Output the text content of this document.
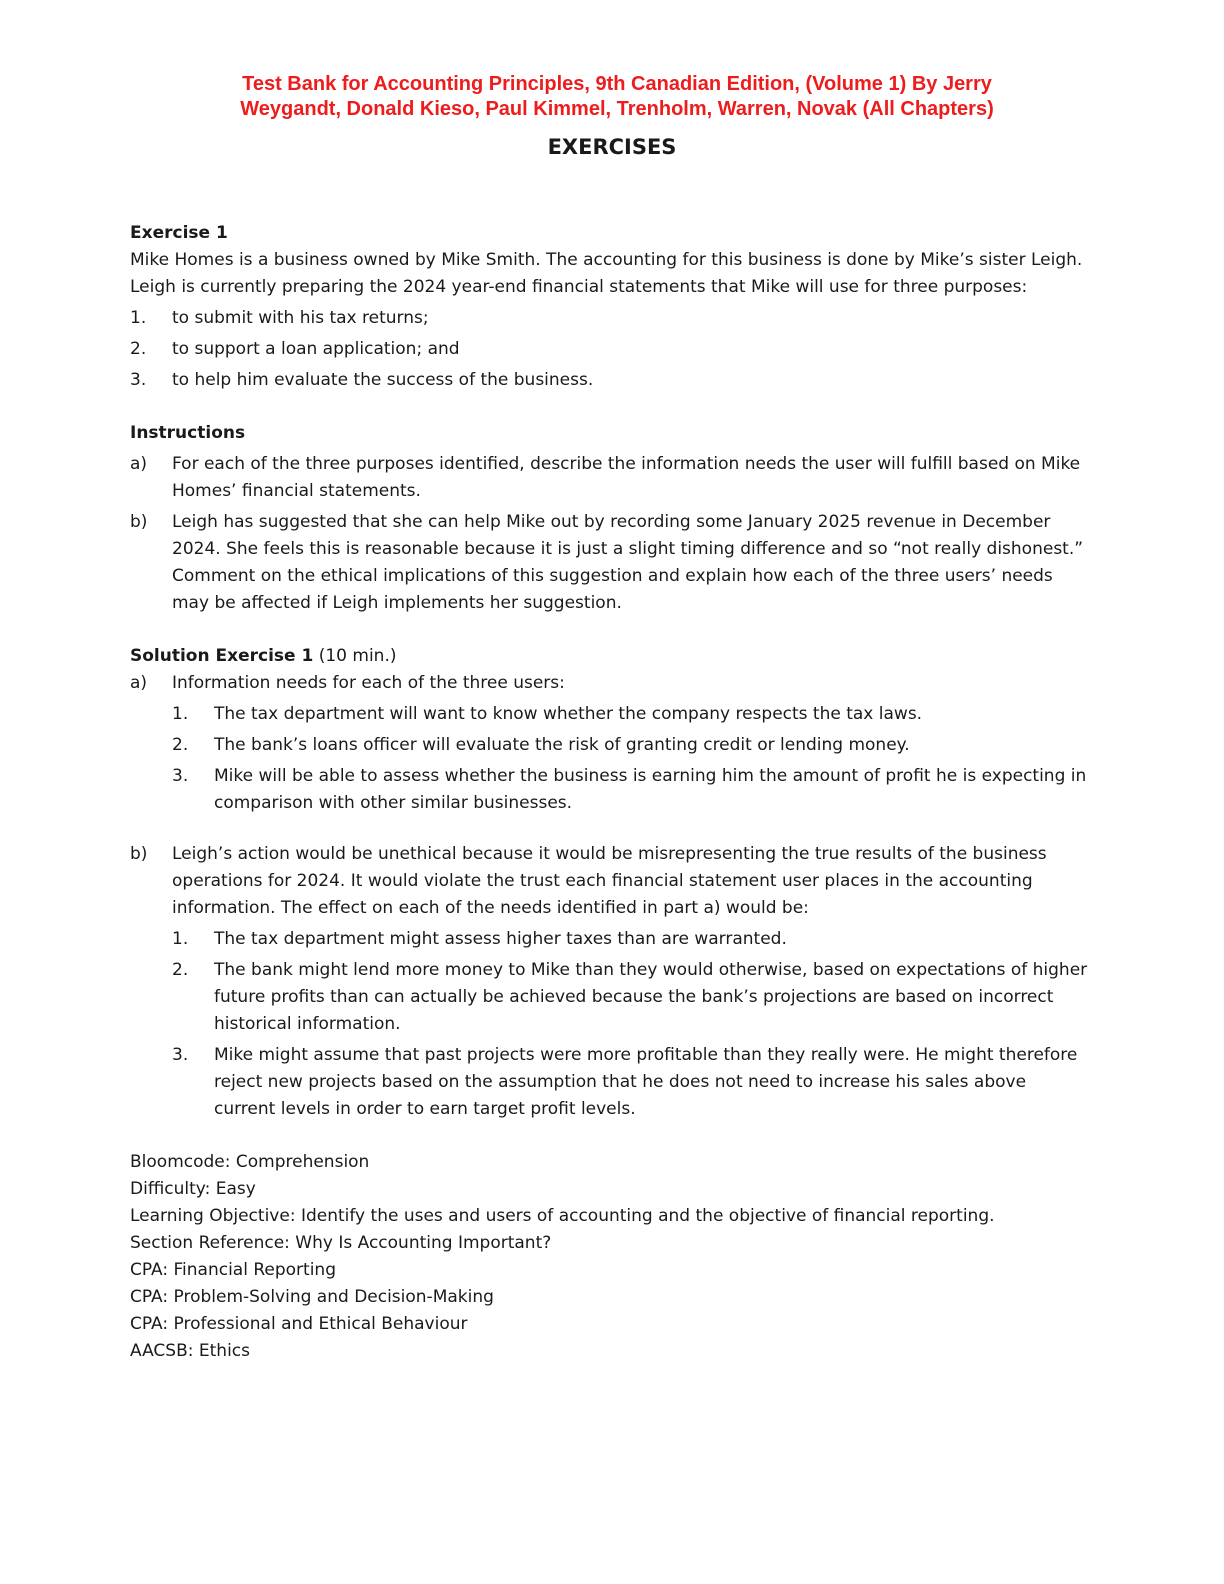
Test Bank for Accounting Principles, 9th Canadian Edition, (Volume 1) By Jerry
Weygandt, Donald Kieso, Paul Kimmel, Trenholm, Warren, Novak (All Chapters)
EXERCISES
Exercise 1

Mike Homes is a business owned by Mike Smith. The accounting for this business is done by Mike’s sister Leigh. Leigh is currently preparing the 2024 year-end financial statements that Mike will use for three purposes:

1.	to submit with his tax returns;
2.	to support a loan application; and
3.	to help him evaluate the success of the business.
Instructions
a)	For each of the three purposes identified, describe the information needs the user will fulfill based on Mike Homes’ financial statements.
b)	Leigh has suggested that she can help Mike out by recording some January 2025 revenue in December 2024. She feels this is reasonable because it is just a slight timing difference and so “not really dishonest.” Comment on the ethical implications of this suggestion and explain how each of the three users’ needs may be affected if Leigh implements her suggestion.
Solution Exercise 1 (10 min.)
a)	Information needs for each of the three users:
1.	The tax department will want to know whether the company respects the tax laws.
2.	The bank’s loans officer will evaluate the risk of granting credit or lending money.
3.	Mike will be able to assess whether the business is earning him the amount of profit he is expecting in comparison with other similar businesses.
b)	Leigh’s action would be unethical because it would be misrepresenting the true results of the business operations for 2024. It would violate the trust each financial statement user places in the accounting information. The effect on each of the needs identified in part a) would be:
1.	The tax department might assess higher taxes than are warranted.
2.	The bank might lend more money to Mike than they would otherwise, based on expectations of higher future profits than can actually be achieved because the bank’s projections are based on incorrect historical information.
3.	Mike might assume that past projects were more profitable than they really were. He might therefore reject new projects based on the assumption that he does not need to increase his sales above current levels in order to earn target profit levels.
Bloomcode: Comprehension
Difficulty: Easy
Learning Objective: Identify the uses and users of accounting and the objective of financial reporting.
Section Reference: Why Is Accounting Important?
CPA: Financial Reporting
CPA: Problem-Solving and Decision-Making
CPA: Professional and Ethical Behaviour
AACSB: Ethics
